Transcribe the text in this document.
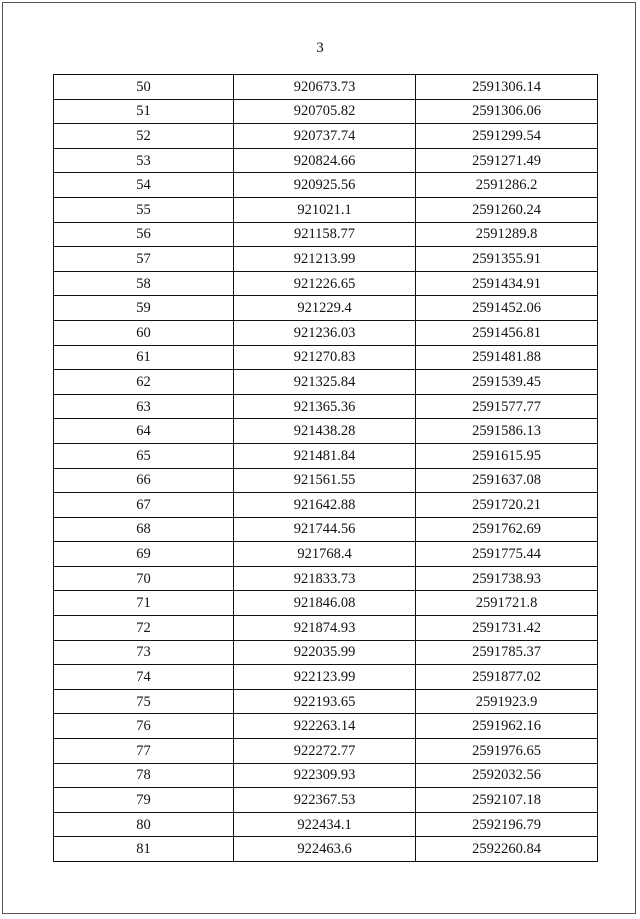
3
50	920673.73	2591306.14
51	920705.82	2591306.06
52	920737.74	2591299.54
53	920824.66	2591271.49
54	920925.56	2591286.2
55	921021.1	2591260.24
56	921158.77	2591289.8
57	921213.99	2591355.91
58	921226.65	2591434.91
59	921229.4	2591452.06
60	921236.03	2591456.81
61	921270.83	2591481.88
62	921325.84	2591539.45
63	921365.36	2591577.77
64	921438.28	2591586.13
65	921481.84	2591615.95
66	921561.55	2591637.08
67	921642.88	2591720.21
68	921744.56	2591762.69
69	921768.4	2591775.44
70	921833.73	2591738.93
71	921846.08	2591721.8
72	921874.93	2591731.42
73	922035.99	2591785.37
74	922123.99	2591877.02
75	922193.65	2591923.9
76	922263.14	2591962.16
77	922272.77	2591976.65
78	922309.93	2592032.56
79	922367.53	2592107.18
80	922434.1	2592196.79
81	922463.6	2592260.84
